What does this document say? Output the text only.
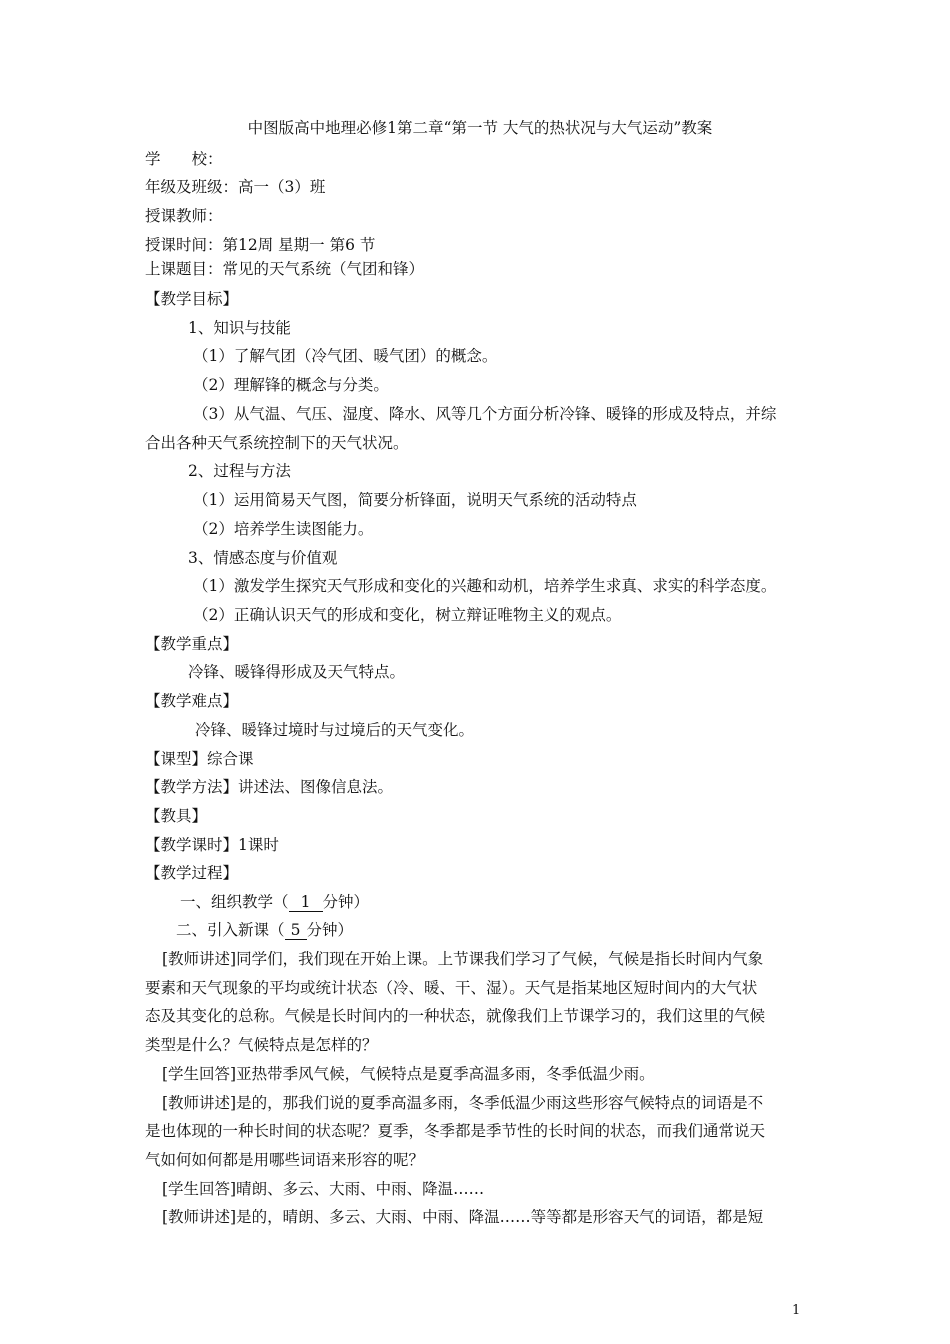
中图版高中地理必修1第二章“第一节 大气的热状况与大气运动”教案
学　　校：
年级及班级：高一（3）班
授课教师：
授课时间：第12周 星期一 第6 节
上课题目：常见的天气系统（气团和锋）
【教学目标】
1、知识与技能
（1）了解气团（冷气团、暖气团）的概念。
（2）理解锋的概念与分类。
（3）从气温、气压、湿度、降水、风等几个方面分析冷锋、暖锋的形成及特点，并综
合出各种天气系统控制下的天气状况。
2、过程与方法
（1）运用简易天气图，简要分析锋面，说明天气系统的活动特点
（2）培养学生读图能力。
3、情感态度与价值观
（1）激发学生探究天气形成和变化的兴趣和动机，培养学生求真、求实的科学态度。
（2）正确认识天气的形成和变化，树立辩证唯物主义的观点。
【教学重点】
冷锋、暖锋得形成及天气特点。
【教学难点】
冷锋、暖锋过境时与过境后的天气变化。
【课型】综合课
【教学方法】讲述法、图像信息法。
【教具】
【教学课时】1课时
【教学过程】
一、组织教学（ 1 分钟）
二、引入新课（ 5 分钟）
[教师讲述]同学们，我们现在开始上课。上节课我们学习了气候，气候是指长时间内气象
要素和天气现象的平均或统计状态（冷、暖、干、湿）。天气是指某地区短时间内的大气状
态及其变化的总称。气候是长时间内的一种状态，就像我们上节课学习的，我们这里的气候
类型是什么？气候特点是怎样的？
[学生回答]亚热带季风气候，气候特点是夏季高温多雨，冬季低温少雨。
[教师讲述]是的，那我们说的夏季高温多雨，冬季低温少雨这些形容气候特点的词语是不
是也体现的一种长时间的状态呢？夏季，冬季都是季节性的长时间的状态，而我们通常说天
气如何如何都是用哪些词语来形容的呢？
[学生回答]晴朗、多云、大雨、中雨、降温……
[教师讲述]是的，晴朗、多云、大雨、中雨、降温……等等都是形容天气的词语，都是短
1
